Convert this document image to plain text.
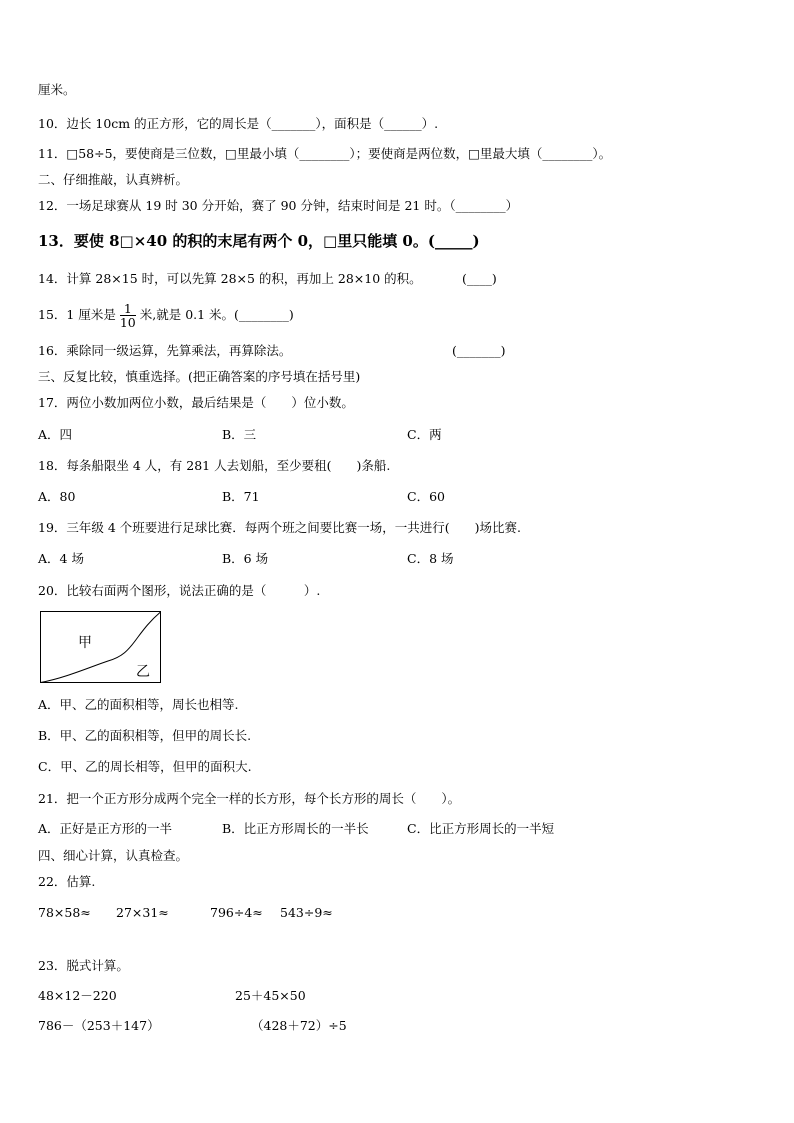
厘米。
10．边长 10cm 的正方形，它的周长是（_______），面积是（______）.
11．□58÷5，要使商是三位数，□里最小填（________）；要使商是两位数，□里最大填（________）。
二、仔细推敲，认真辨析。
12．一场足球赛从 19 时 30 分开始，赛了 90 分钟，结束时间是 21 时。（________）
13．要使 8□×40 的积的末尾有两个 0，□里只能填 0。(_____)
14．计算 28×15 时，可以先算 28×5 的积，再加上 28×10 的积。	(____)
15．1 厘米是 $\frac{1}{10}$ 米,就是 0.1 米。(________)
16．乘除同一级运算，先算乘法，再算除法。	(_______)
三、反复比较，慎重选择。(把正确答案的序号填在括号里)
17．两位小数加两位小数，最后结果是（　　）位小数。
A．四	B．三	C．两
18．每条船限坐 4 人，有 281 人去划船，至少要租(　　)条船.
A．80	B．71	C．60
19．三年级 4 个班要进行足球比赛．每两个班之间要比赛一场，一共进行(　　)场比赛.
A．4 场	B．6 场	C．8 场
20．比较右面两个图形，说法正确的是（　　　）.
甲
乙
A．甲、乙的面积相等，周长也相等.
B．甲、乙的面积相等，但甲的周长长.
C．甲、乙的周长相等，但甲的面积大.
21．把一个正方形分成两个完全一样的长方形，每个长方形的周长（　　）。
A．正好是正方形的一半	B．比正方形周长的一半长	C．比正方形周长的一半短
四、细心计算，认真检查。
22．估算.
78×58≈ 27×31≈	796÷4≈ 543÷9≈
23．脱式计算。
48×12－220	25＋45×50
786－（253＋147）	（428＋72）÷5
